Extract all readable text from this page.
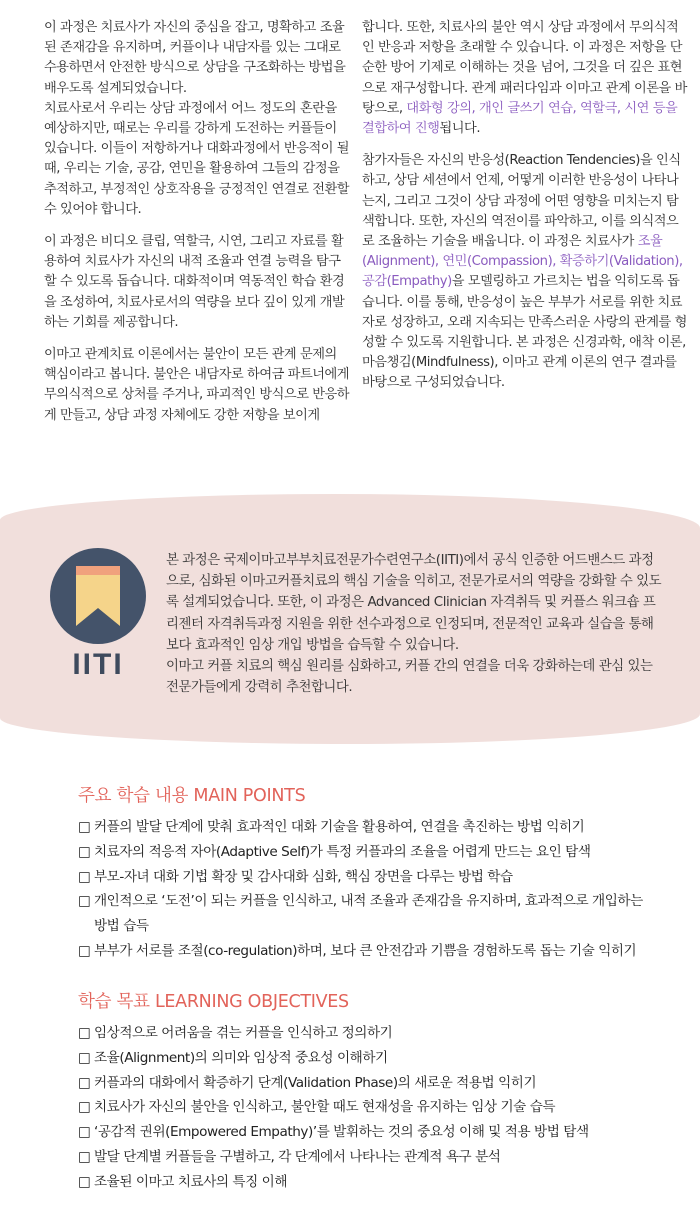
이 과정은 치료사가 자신의 중심을 잡고, 명확하고 조율된 존재감을 유지하며, 커플이나 내담자를 있는 그대로 수용하면서 안전한 방식으로 상담을 구조화하는 방법을 배우도록 설계되었습니다.
치료사로서 우리는 상담 과정에서 어느 정도의 혼란을 예상하지만, 때로는 우리를 강하게 도전하는 커플들이 있습니다. 이들이 저항하거나 대화과정에서 반응적이 될 때, 우리는 기술, 공감, 연민을 활용하여 그들의 감정을 추적하고, 부정적인 상호작용을 긍정적인 연결로 전환할 수 있어야 합니다.

이 과정은 비디오 클립, 역할극, 시연, 그리고 자료를 활용하여 치료사가 자신의 내적 조율과 연결 능력을 탐구할 수 있도록 돕습니다. 대화적이며 역동적인 학습 환경을 조성하여, 치료사로서의 역량을 보다 깊이 있게 개발하는 기회를 제공합니다.

이마고 관계치료 이론에서는 불안이 모든 관계 문제의 핵심이라고 봅니다. 불안은 내담자로 하여금 파트너에게 무의식적으로 상처를 주거나, 파괴적인 방식으로 반응하게 만들고, 상담 과정 자체에도 강한 저항을 보이게

합니다. 또한, 치료사의 불안 역시 상담 과정에서 무의식적인 반응과 저항을 초래할 수 있습니다. 이 과정은 저항을 단순한 방어 기제로 이해하는 것을 넘어, 그것을 더 깊은 표현으로 재구성합니다. 관계 패러다임과 이마고 관계 이론을 바탕으로, 대화형 강의, 개인 글쓰기 연습, 역할극, 시연 등을 결합하여 진행됩니다.

참가자들은 자신의 반응성(Reaction Tendencies)을 인식하고, 상담 세션에서 언제, 어떻게 이러한 반응성이 나타나는지, 그리고 그것이 상담 과정에 어떤 영향을 미치는지 탐색합니다. 또한, 자신의 역전이를 파악하고, 이를 의식적으로 조율하는 기술을 배웁니다. 이 과정은 치료사가 조율(Alignment), 연민(Compassion), 확증하기(Validation), 공감(Empathy)을 모델링하고 가르치는 법을 익히도록 돕습니다. 이를 통해, 반응성이 높은 부부가 서로를 위한 치료자로 성장하고, 오래 지속되는 만족스러운 사랑의 관계를 형성할 수 있도록 지원합니다. 본 과정은 신경과학, 애착 이론, 마음챙김(Mindfulness), 이마고 관계 이론의 연구 결과를 바탕으로 구성되었습니다.

IITI
본 과정은 국제이마고부부치료전문가수련연구소(IITI)에서 공식 인증한 어드밴스드 과정으로, 심화된 이마고커플치료의 핵심 기술을 익히고, 전문가로서의 역량을 강화할 수 있도록 설계되었습니다. 또한, 이 과정은 Advanced Clinician 자격취득 및 커플스 워크숍 프리젠터 자격취득과정 지원을 위한 선수과정으로 인정되며, 전문적인 교육과 실습을 통해 보다 효과적인 임상 개입 방법을 습득할 수 있습니다.
이마고 커플 치료의 핵심 원리를 심화하고, 커플 간의 연결을 더욱 강화하는데 관심 있는 전문가들에게 강력히 추천합니다.
주요 학습 내용 MAIN POINTS
□ 커플의 발달 단계에 맞춰 효과적인 대화 기술을 활용하여, 연결을 촉진하는 방법 익히기
□ 치료자의 적응적 자아(Adaptive Self)가 특정 커플과의 조율을 어렵게 만드는 요인 탐색
□ 부모-자녀 대화 기법 확장 및 감사대화 심화, 핵심 장면을 다루는 방법 학습
□ 개인적으로 ‘도전’이 되는 커플을 인식하고, 내적 조율과 존재감을 유지하며, 효과적으로 개입하는 방법 습득
□ 부부가 서로를 조절(co-regulation)하며, 보다 큰 안전감과 기쁨을 경험하도록 돕는 기술 익히기
학습 목표 LEARNING OBJECTIVES
□ 임상적으로 어려움을 겪는 커플을 인식하고 정의하기
□ 조율(Alignment)의 의미와 임상적 중요성 이해하기
□ 커플과의 대화에서 확증하기 단계(Validation Phase)의 새로운 적용법 익히기
□ 치료사가 자신의 불안을 인식하고, 불안할 때도 현재성을 유지하는 임상 기술 습득
□ ‘공감적 권위(Empowered Empathy)’를 발휘하는 것의 중요성 이해 및 적용 방법 탐색
□ 발달 단계별 커플들을 구별하고, 각 단계에서 나타나는 관계적 욕구 분석
□ 조율된 이마고 치료사의 특징 이해
